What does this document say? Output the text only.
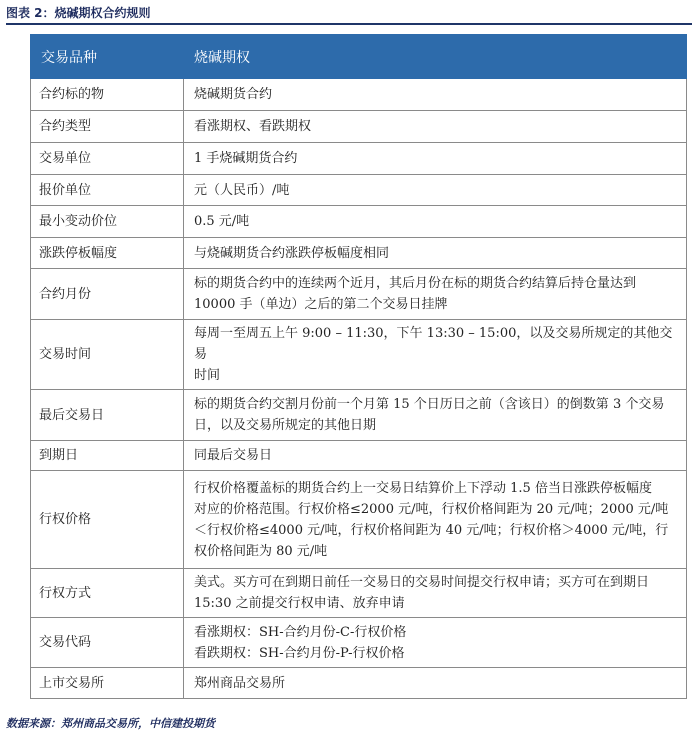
图表 2：烧碱期权合约规则
交易品种	烧碱期权
合约标的物	烧碱期货合约

合约类型	看涨期权、看跌期权

交易单位	1 手烧碱期货合约

报价单位	元（人民币）/吨

最小变动价位	0.5 元/吨

涨跌停板幅度	与烧碱期货合约涨跌停板幅度相同

合约月份	标的期货合约中的连续两个近月，其后月份在标的期货合约结算后持仓量达到
10000 手（单边）之后的第二个交易日挂牌

交易时间	每周一至周五上午 9:00 – 11:30，下午 13:30 – 15:00，以及交易所规定的其他交易
时间

最后交易日	标的期货合约交割月份前一个月第 15 个日历日之前（含该日）的倒数第 3 个交易
日，以及交易所规定的其他日期

到期日	同最后交易日

行权价格	行权价格覆盖标的期货合约上一交易日结算价上下浮动 1.5 倍当日涨跌停板幅度
对应的价格范围。行权价格≤2000 元/吨，行权价格间距为 20 元/吨；2000 元/吨
＜行权价格≤4000 元/吨，行权价格间距为 40 元/吨；行权价格＞4000 元/吨，行
权价格间距为 80 元/吨

行权方式	美式。买方可在到期日前任一交易日的交易时间提交行权申请；买方可在到期日
15:30 之前提交行权申请、放弃申请

交易代码	看涨期权：SH-合约月份-C-行权价格
看跌期权：SH-合约月份-P-行权价格

上市交易所	郑州商品交易所
数据来源：郑州商品交易所，中信建投期货
